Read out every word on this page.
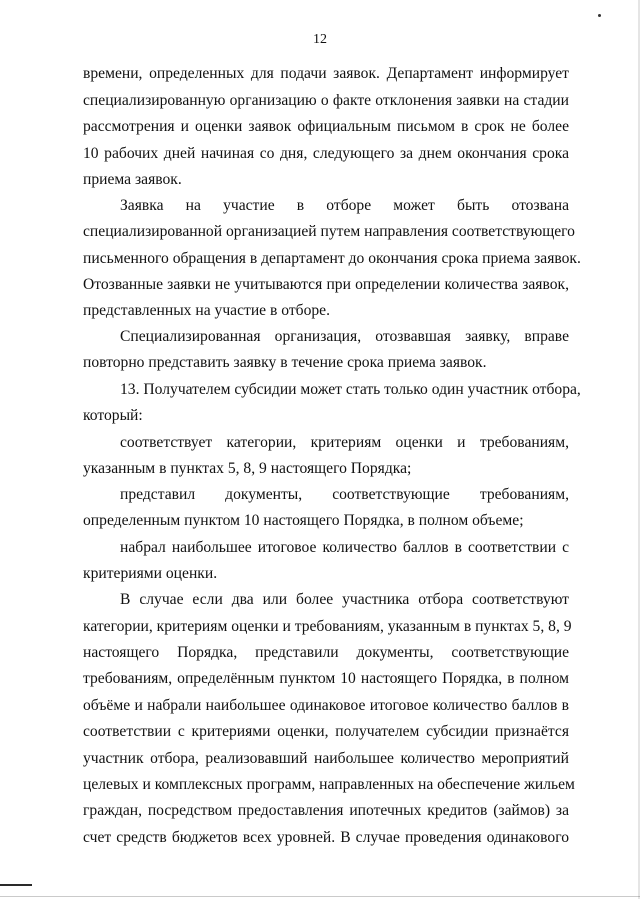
12
времени, определенных для подачи заявок. Департамент информирует
специализированную организацию о факте отклонения заявки на стадии
рассмотрения и оценки заявок официальным письмом в срок не более
10 рабочих дней начиная со дня, следующего за днем окончания срока
приема заявок.
Заявка на участие в отборе может быть отозвана
специализированной организацией путем направления соответствующего
письменного обращения в департамент до окончания срока приема заявок.
Отозванные заявки не учитываются при определении количества заявок,
представленных на участие в отборе.
Специализированная организация, отозвавшая заявку, вправе
повторно представить заявку в течение срока приема заявок.
13. Получателем субсидии может стать только один участник отбора,
который:
соответствует категории, критериям оценки и требованиям,
указанным в пунктах 5, 8, 9 настоящего Порядка;
представил документы, соответствующие требованиям,
определенным пунктом 10 настоящего Порядка, в полном объеме;
набрал наибольшее итоговое количество баллов в соответствии с
критериями оценки.
В случае если два или более участника отбора соответствуют
категории, критериям оценки и требованиям, указанным в пунктах 5, 8, 9
настоящего Порядка, представили документы, соответствующие
требованиям, определённым пунктом 10 настоящего Порядка, в полном
объёме и набрали наибольшее одинаковое итоговое количество баллов в
соответствии с критериями оценки, получателем субсидии признаётся
участник отбора, реализовавший наибольшее количество мероприятий
целевых и комплексных программ, направленных на обеспечение жильем
граждан, посредством предоставления ипотечных кредитов (займов) за
счет средств бюджетов всех уровней. В случае проведения одинакового
